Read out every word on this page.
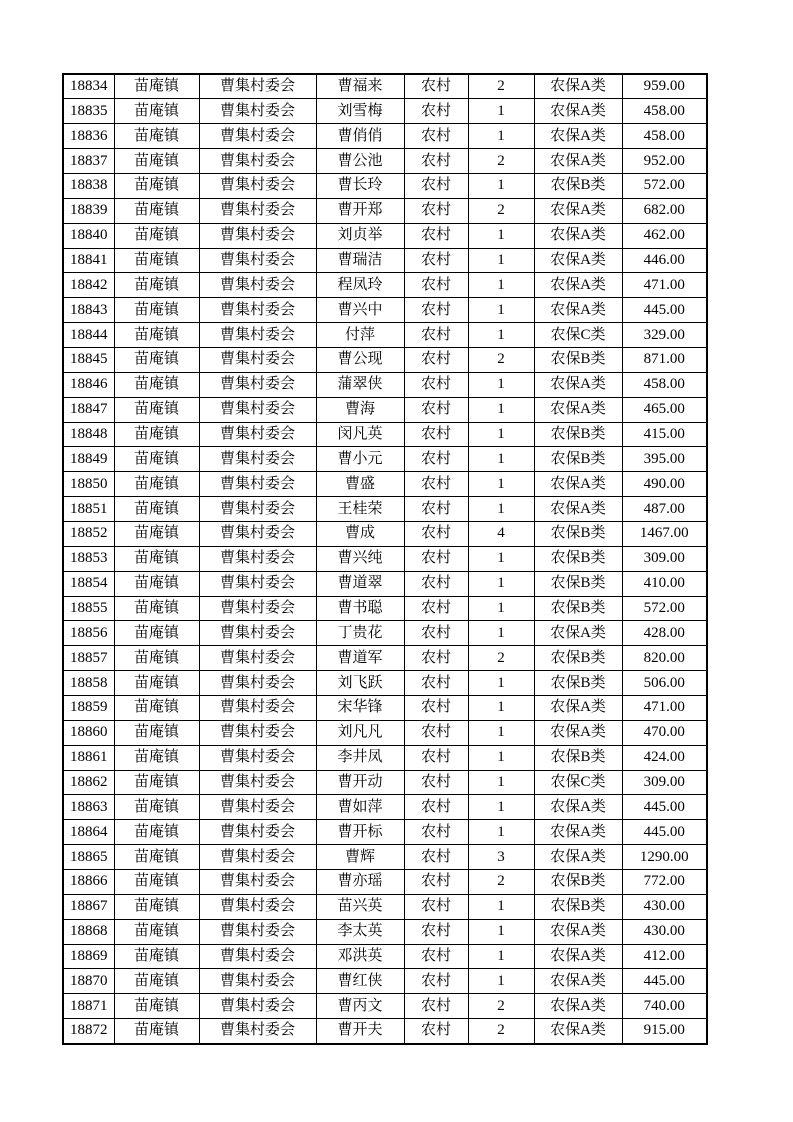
18834	苗庵镇	曹集村委会	曹福来	农村	2	农保A类	959.00
18835	苗庵镇	曹集村委会	刘雪梅	农村	1	农保A类	458.00
18836	苗庵镇	曹集村委会	曹俏俏	农村	1	农保A类	458.00
18837	苗庵镇	曹集村委会	曹公池	农村	2	农保A类	952.00
18838	苗庵镇	曹集村委会	曹长玲	农村	1	农保B类	572.00
18839	苗庵镇	曹集村委会	曹开郑	农村	2	农保A类	682.00
18840	苗庵镇	曹集村委会	刘贞举	农村	1	农保A类	462.00
18841	苗庵镇	曹集村委会	曹瑞洁	农村	1	农保A类	446.00
18842	苗庵镇	曹集村委会	程凤玲	农村	1	农保A类	471.00
18843	苗庵镇	曹集村委会	曹兴中	农村	1	农保A类	445.00
18844	苗庵镇	曹集村委会	付萍	农村	1	农保C类	329.00
18845	苗庵镇	曹集村委会	曹公现	农村	2	农保B类	871.00
18846	苗庵镇	曹集村委会	蒲翠侠	农村	1	农保A类	458.00
18847	苗庵镇	曹集村委会	曹海	农村	1	农保A类	465.00
18848	苗庵镇	曹集村委会	闵凡英	农村	1	农保B类	415.00
18849	苗庵镇	曹集村委会	曹小元	农村	1	农保B类	395.00
18850	苗庵镇	曹集村委会	曹盛	农村	1	农保A类	490.00
18851	苗庵镇	曹集村委会	王桂荣	农村	1	农保A类	487.00
18852	苗庵镇	曹集村委会	曹成	农村	4	农保B类	1467.00
18853	苗庵镇	曹集村委会	曹兴纯	农村	1	农保B类	309.00
18854	苗庵镇	曹集村委会	曹道翠	农村	1	农保B类	410.00
18855	苗庵镇	曹集村委会	曹书聪	农村	1	农保B类	572.00
18856	苗庵镇	曹集村委会	丁贵花	农村	1	农保A类	428.00
18857	苗庵镇	曹集村委会	曹道军	农村	2	农保B类	820.00
18858	苗庵镇	曹集村委会	刘飞跃	农村	1	农保B类	506.00
18859	苗庵镇	曹集村委会	宋华锋	农村	1	农保A类	471.00
18860	苗庵镇	曹集村委会	刘凡凡	农村	1	农保A类	470.00
18861	苗庵镇	曹集村委会	李井凤	农村	1	农保B类	424.00
18862	苗庵镇	曹集村委会	曹开动	农村	1	农保C类	309.00
18863	苗庵镇	曹集村委会	曹如萍	农村	1	农保A类	445.00
18864	苗庵镇	曹集村委会	曹开标	农村	1	农保A类	445.00
18865	苗庵镇	曹集村委会	曹辉	农村	3	农保A类	1290.00
18866	苗庵镇	曹集村委会	曹亦瑶	农村	2	农保B类	772.00
18867	苗庵镇	曹集村委会	苗兴英	农村	1	农保B类	430.00
18868	苗庵镇	曹集村委会	李太英	农村	1	农保A类	430.00
18869	苗庵镇	曹集村委会	邓洪英	农村	1	农保A类	412.00
18870	苗庵镇	曹集村委会	曹红侠	农村	1	农保A类	445.00
18871	苗庵镇	曹集村委会	曹丙文	农村	2	农保A类	740.00
18872	苗庵镇	曹集村委会	曹开夫	农村	2	农保A类	915.00
